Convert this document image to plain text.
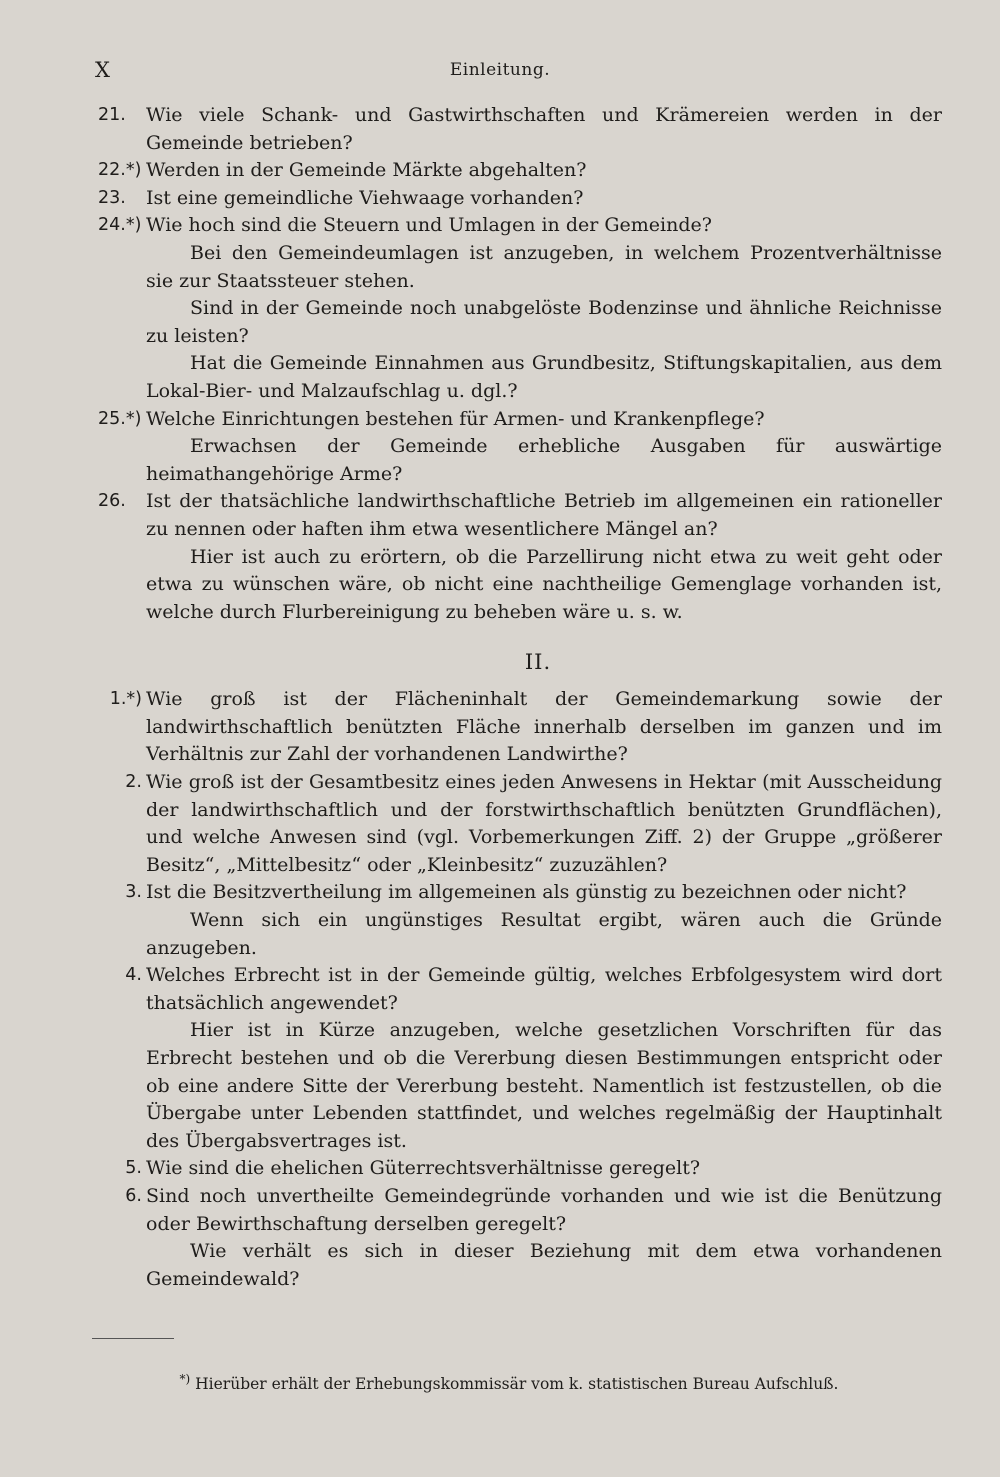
X	Einleitung.
21.	Wie viele Schank- und Gastwirthschaften und Krämereien werden in der Gemeinde betrieben?
22.*) Werden in der Gemeinde Märkte abgehalten?
23.	Ist eine gemeindliche Viehwaage vorhanden?
24.*) Wie hoch sind die Steuern und Umlagen in der Gemeinde?
Bei den Gemeindeumlagen ist anzugeben, in welchem Prozentverhältnisse sie zur Staatssteuer stehen.
Sind in der Gemeinde noch unabgelöste Bodenzinse und ähnliche Reichnisse zu leisten?
Hat die Gemeinde Einnahmen aus Grundbesitz, Stiftungskapitalien, aus dem Lokal-Bier- und Malzaufschlag u. dgl.?
25.*) Welche Einrichtungen bestehen für Armen- und Krankenpflege?
Erwachsen der Gemeinde erhebliche Ausgaben für auswärtige heimathangehörige Arme?
26.	Ist der thatsächliche landwirthschaftliche Betrieb im allgemeinen ein rationeller zu nennen oder haften ihm etwa wesentlichere Mängel an?
Hier ist auch zu erörtern, ob die Parzellirung nicht etwa zu weit geht oder etwa zu wünschen wäre, ob nicht eine nachtheilige Gemenglage vorhanden ist, welche durch Flurbereinigung zu beheben wäre u. s. w.
II.
1.*) Wie groß ist der Flächeninhalt der Gemeindemarkung sowie der landwirthschaftlich benützten Fläche innerhalb derselben im ganzen und im Verhältnis zur Zahl der vorhandenen Landwirthe?
2. Wie groß ist der Gesamtbesitz eines jeden Anwesens in Hektar (mit Ausscheidung der landwirthschaftlich und der forstwirthschaftlich benützten Grundflächen), und welche Anwesen sind (vgl. Vorbemerkungen Ziff. 2) der Gruppe „größerer Besitz“, „Mittelbesitz“ oder „Kleinbesitz“ zuzuzählen?
3. Ist die Besitzvertheilung im allgemeinen als günstig zu bezeichnen oder nicht?
Wenn sich ein ungünstiges Resultat ergibt, wären auch die Gründe anzugeben.
4. Welches Erbrecht ist in der Gemeinde gültig, welches Erbfolgesystem wird dort thatsächlich angewendet?
Hier ist in Kürze anzugeben, welche gesetzlichen Vorschriften für das Erbrecht bestehen und ob die Vererbung diesen Bestimmungen entspricht oder ob eine andere Sitte der Vererbung besteht. Namentlich ist festzustellen, ob die Übergabe unter Lebenden stattfindet, und welches regelmäßig der Hauptinhalt des Übergabsvertrages ist.
5. Wie sind die ehelichen Güterrechtsverhältnisse geregelt?
6. Sind noch unvertheilte Gemeindegründe vorhanden und wie ist die Benützung oder Bewirthschaftung derselben geregelt?
Wie verhält es sich in dieser Beziehung mit dem etwa vorhandenen Gemeindewald?
*) Hierüber erhält der Erhebungskommissär vom k. statistischen Bureau Aufschluß.
